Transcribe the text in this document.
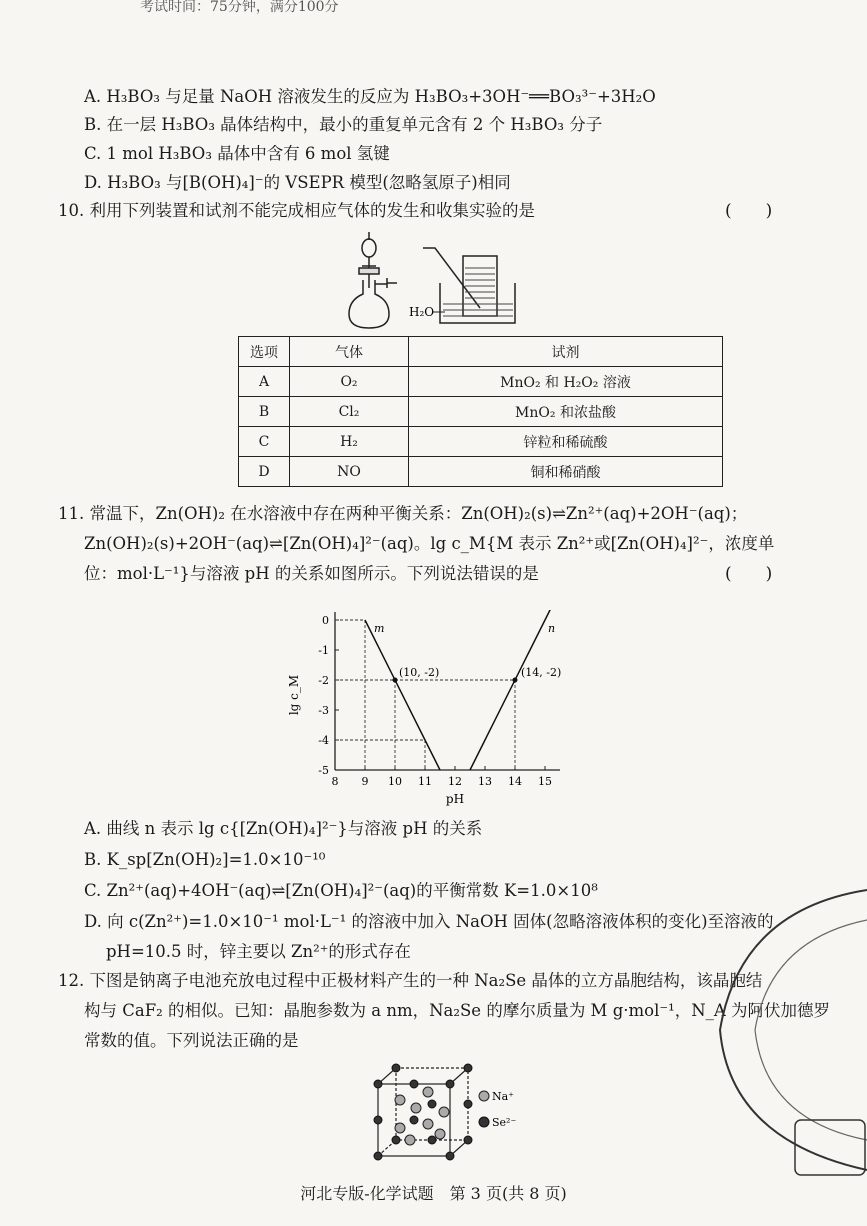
考试时间：75分钟，满分100分
A. H₃BO₃ 与足量 NaOH 溶液发生的反应为 H₃BO₃+3OH⁻══BO₃³⁻+3H₂O
B. 在一层 H₃BO₃ 晶体结构中，最小的重复单元含有 2 个 H₃BO₃ 分子
C. 1 mol H₃BO₃ 晶体中含有 6 mol 氢键
D. H₃BO₃ 与[B(OH)₄]⁻的 VSEPR 模型(忽略氢原子)相同
10. 利用下列装置和试剂不能完成相应气体的发生和收集实验的是	(　　)
H₂O
选项	气体	试剂
A	O₂	MnO₂ 和 H₂O₂ 溶液
B	Cl₂	MnO₂ 和浓盐酸
C	H₂	锌粒和稀硫酸
D	NO	铜和稀硝酸
11. 常温下，Zn(OH)₂ 在水溶液中存在两种平衡关系：Zn(OH)₂(s)⇌Zn²⁺(aq)+2OH⁻(aq)；
Zn(OH)₂(s)+2OH⁻(aq)⇌[Zn(OH)₄]²⁻(aq)。lg c_M{M 表示 Zn²⁺或[Zn(OH)₄]²⁻，浓度单
位：mol·L⁻¹}与溶液 pH 的关系如图所示。下列说法错误的是	(　　)
8 9 10 11 12 13 14 15
0
-1
-2
-3
-4
-5
m	n
(10, -2)	(14, -2)
pH
lg c_M
A. 曲线 n 表示 lg c{[Zn(OH)₄]²⁻}与溶液 pH 的关系
B. K_sp[Zn(OH)₂]=1.0×10⁻¹⁰
C. Zn²⁺(aq)+4OH⁻(aq)⇌[Zn(OH)₄]²⁻(aq)的平衡常数 K=1.0×10⁸
D. 向 c(Zn²⁺)=1.0×10⁻¹ mol·L⁻¹ 的溶液中加入 NaOH 固体(忽略溶液体积的变化)至溶液的
pH=10.5 时，锌主要以 Zn²⁺的形式存在
12. 下图是钠离子电池充放电过程中正极材料产生的一种 Na₂Se 晶体的立方晶胞结构，该晶胞结
构与 CaF₂ 的相似。已知：晶胞参数为 a nm，Na₂Se 的摩尔质量为 M g·mol⁻¹，N_A 为阿伏加德罗
常数的值。下列说法正确的是
Na⁺
Se²⁻
河北专版-化学试题　第 3 页(共 8 页)
